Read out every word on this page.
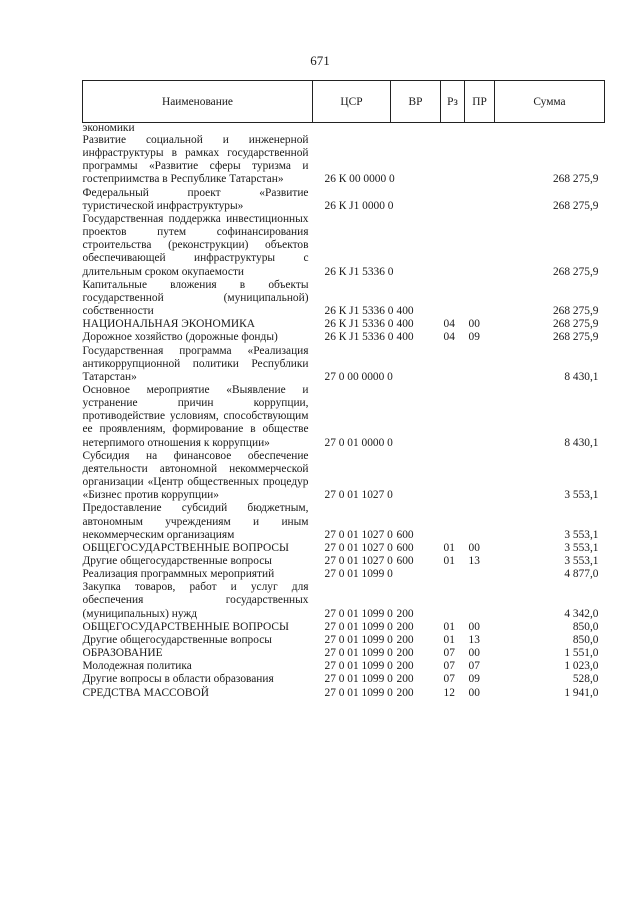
671
Наименование	ЦСР	ВР	Рз	ПР	Сумма
экономики					
Развитие социальной и инженерной инфраструктуры в рамках государственной программы «Развитие сферы туризма и гостеприимства в Республике Татарстан»	26 К 00 0000 0				268 275,9
Федеральный проект «Развитие туристической инфраструктуры»	26 К J1 0000 0				268 275,9
Государственная поддержка инвестиционных проектов путем софинансирования строительства (реконструкции) объектов обеспечивающей инфраструктуры с длительным сроком окупаемости	26 К J1 5336 0				268 275,9
Капитальные вложения в объекты государственной (муниципальной) собственности	26 К J1 5336 0	400			268 275,9
НАЦИОНАЛЬНАЯ ЭКОНОМИКА	26 К J1 5336 0	400	04	00	268 275,9
Дорожное хозяйство (дорожные фонды)	26 К J1 5336 0	400	04	09	268 275,9
Государственная программа «Реализация антикоррупционной политики Республики Татарстан»	27 0 00 0000 0				8 430,1
Основное мероприятие «Выявление и устранение причин коррупции, противодействие условиям, способствующим ее проявлениям, формирование в обществе нетерпимого отношения к коррупции»	27 0 01 0000 0				8 430,1
Субсидия на финансовое обеспечение деятельности автономной некоммерческой организации «Центр общественных процедур «Бизнес против коррупции»	27 0 01 1027 0				3 553,1
Предоставление субсидий бюджетным, автономным учреждениям и иным некоммерческим организациям	27 0 01 1027 0	600			3 553,1
ОБЩЕГОСУДАРСТВЕННЫЕ ВОПРОСЫ	27 0 01 1027 0	600	01	00	3 553,1
Другие общегосударственные вопросы	27 0 01 1027 0	600	01	13	3 553,1
Реализация программных мероприятий	27 0 01 1099 0				4 877,0
Закупка товаров, работ и услуг для обеспечения государственных (муниципальных) нужд	27 0 01 1099 0	200			4 342,0
ОБЩЕГОСУДАРСТВЕННЫЕ ВОПРОСЫ	27 0 01 1099 0	200	01	00	850,0
Другие общегосударственные вопросы	27 0 01 1099 0	200	01	13	850,0
ОБРАЗОВАНИЕ	27 0 01 1099 0	200	07	00	1 551,0
Молодежная политика	27 0 01 1099 0	200	07	07	1 023,0
Другие вопросы в области образования	27 0 01 1099 0	200	07	09	528,0
СРЕДСТВА МАССОВОЙ	27 0 01 1099 0	200	12	00	1 941,0
